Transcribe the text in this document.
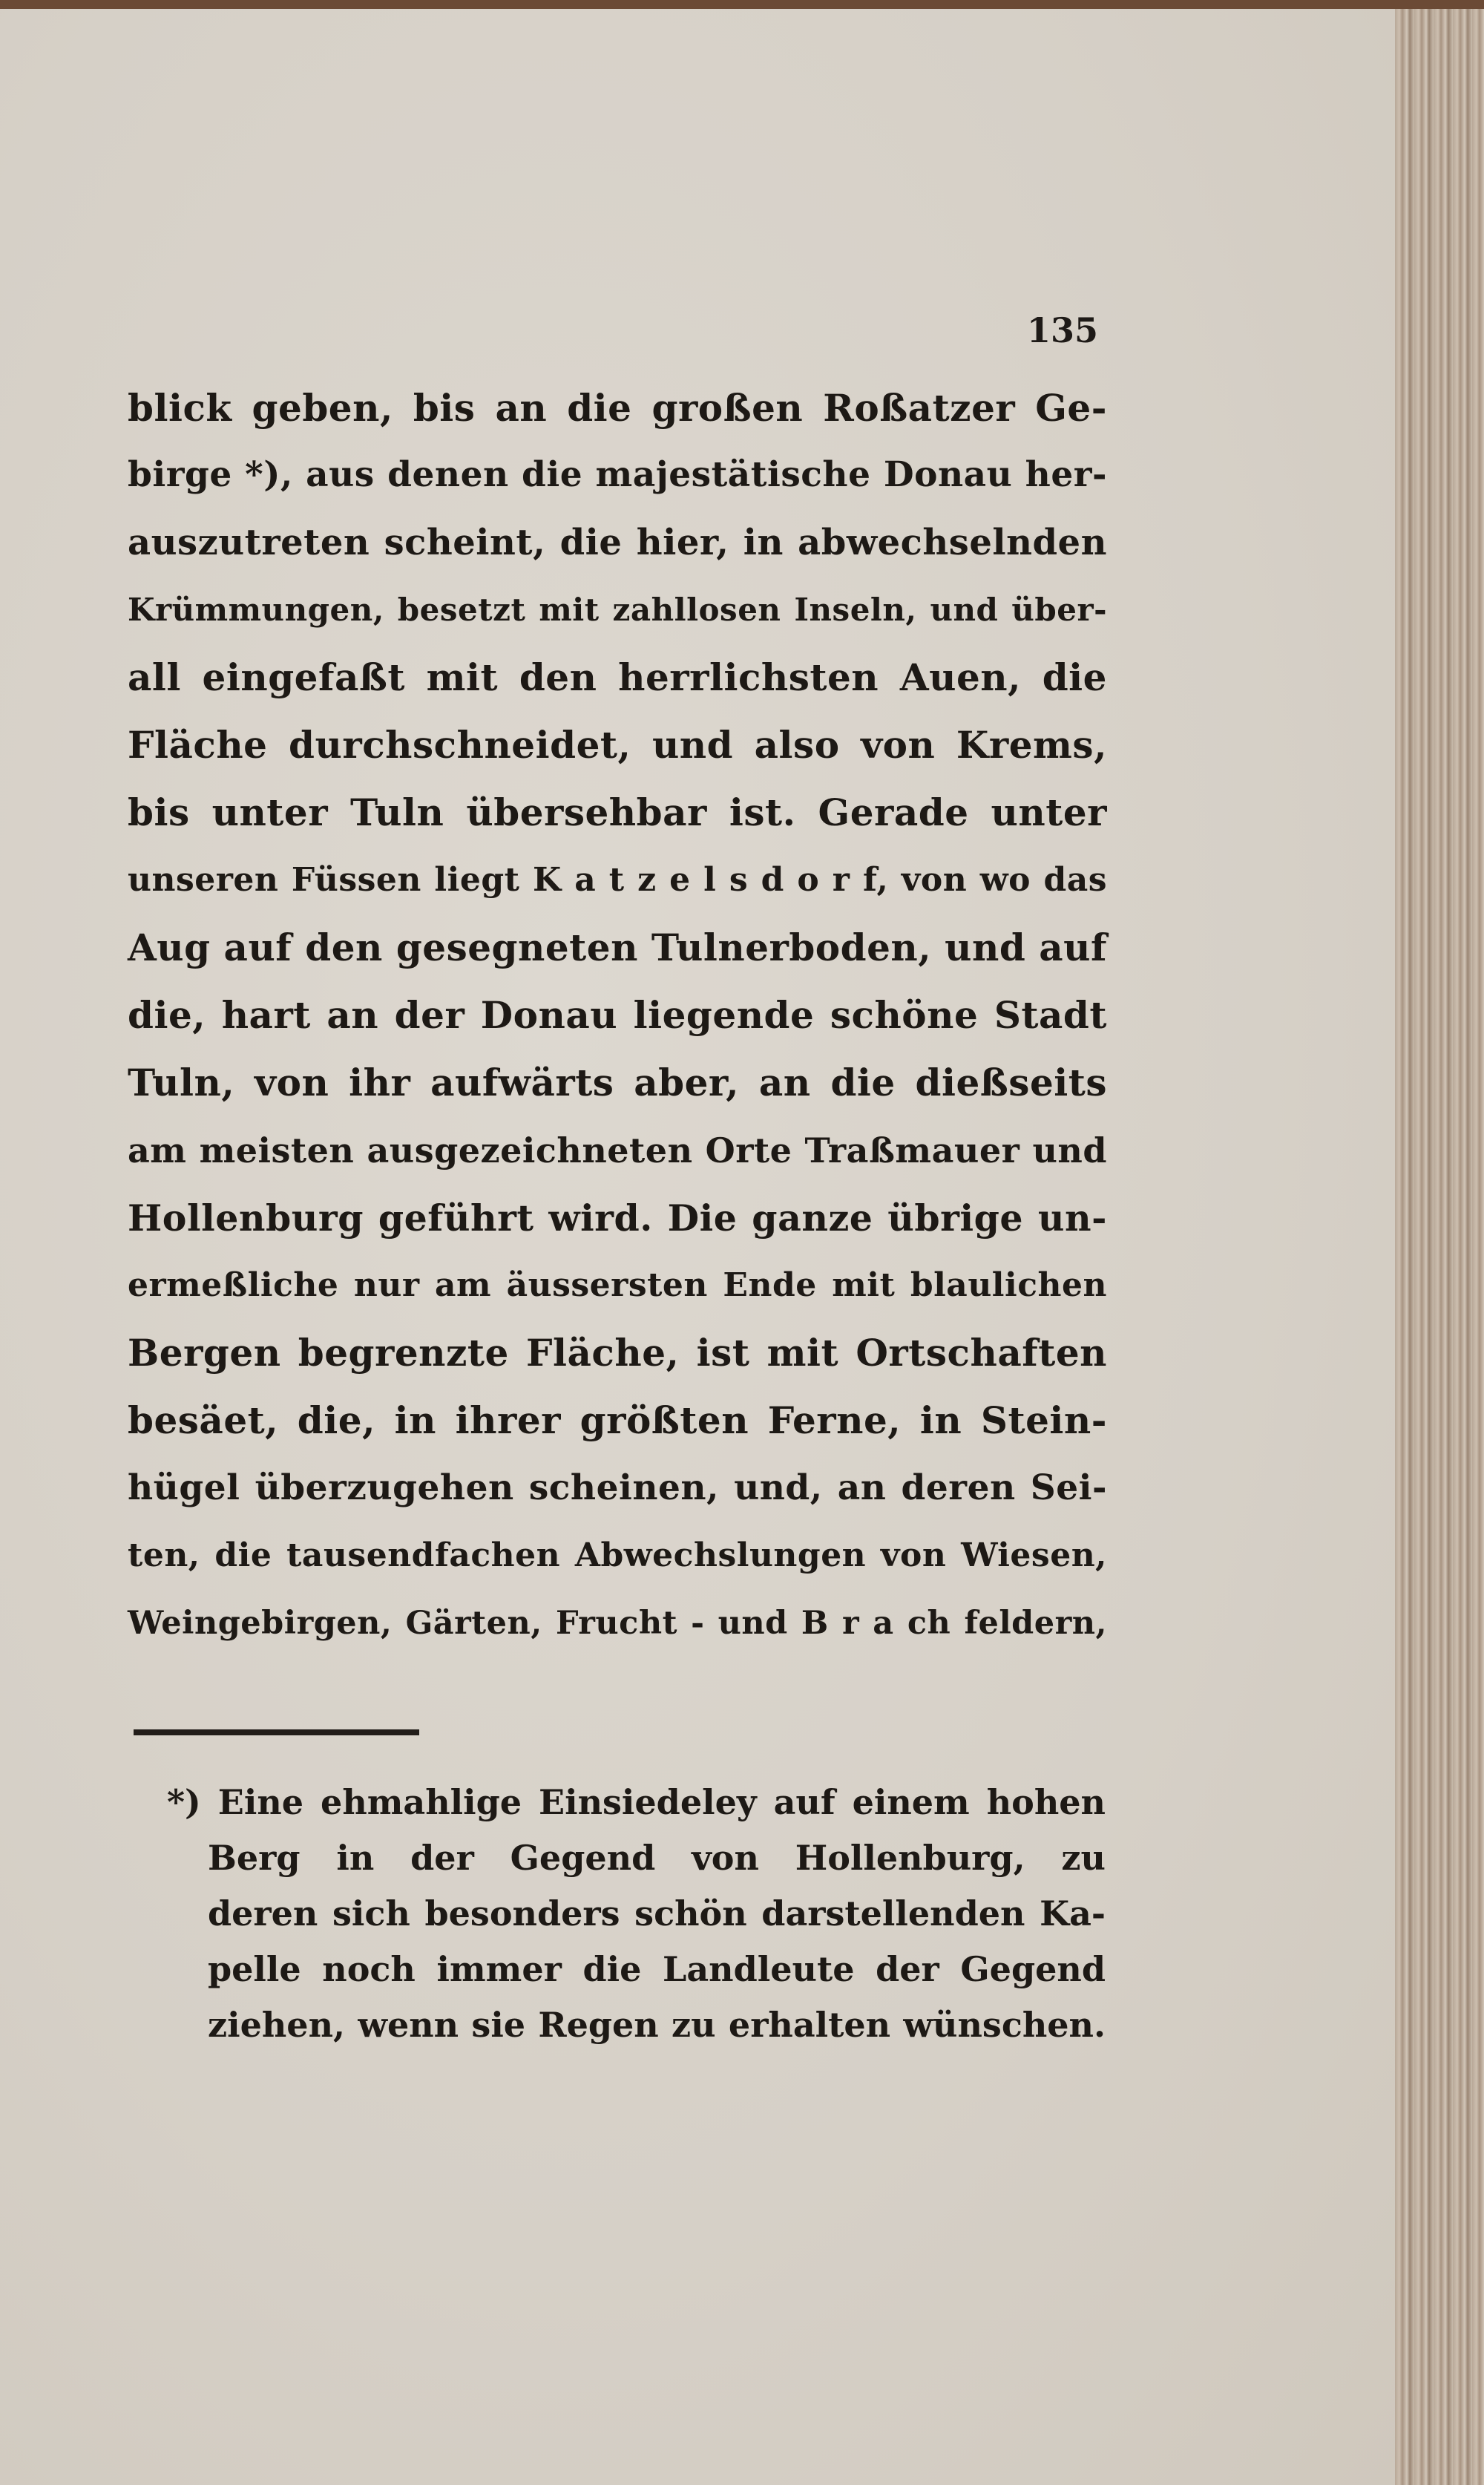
135
blick geben, bis an die großen Roßatzer Ge-
birge *), aus denen die majestätische Donau her-
auszutreten scheint, die hier, in abwechselnden
Krümmungen, besetzt mit zahllosen Inseln, und über-
all eingefaßt mit den herrlichsten Auen, die
Fläche durchschneidet, und also von Krems,
bis unter Tuln übersehbar ist. Gerade unter
unseren Füssen liegt K a t z e l s d o r f, von wo das
Aug auf den gesegneten Tulnerboden, und auf
die, hart an der Donau liegende schöne Stadt
Tuln, von ihr aufwärts aber, an die dießseits
am meisten ausgezeichneten Orte Traßmauer und
Hollenburg geführt wird. Die ganze übrige un-
ermeßliche nur am äussersten Ende mit blaulichen
Bergen begrenzte Fläche, ist mit Ortschaften
besäet, die, in ihrer größten Ferne, in Stein-
hügel überzugehen scheinen, und, an deren Sei-
ten, die tausendfachen Abwechslungen von Wiesen,
Weingebirgen, Gärten, Frucht - und B r a ch feldern,
*) Eine ehmahlige Einsiedeley auf einem hohen
Berg in der Gegend von Hollenburg, zu
deren sich besonders schön darstellenden Ka-
pelle noch immer die Landleute der Gegend
ziehen, wenn sie Regen zu erhalten wünschen.
